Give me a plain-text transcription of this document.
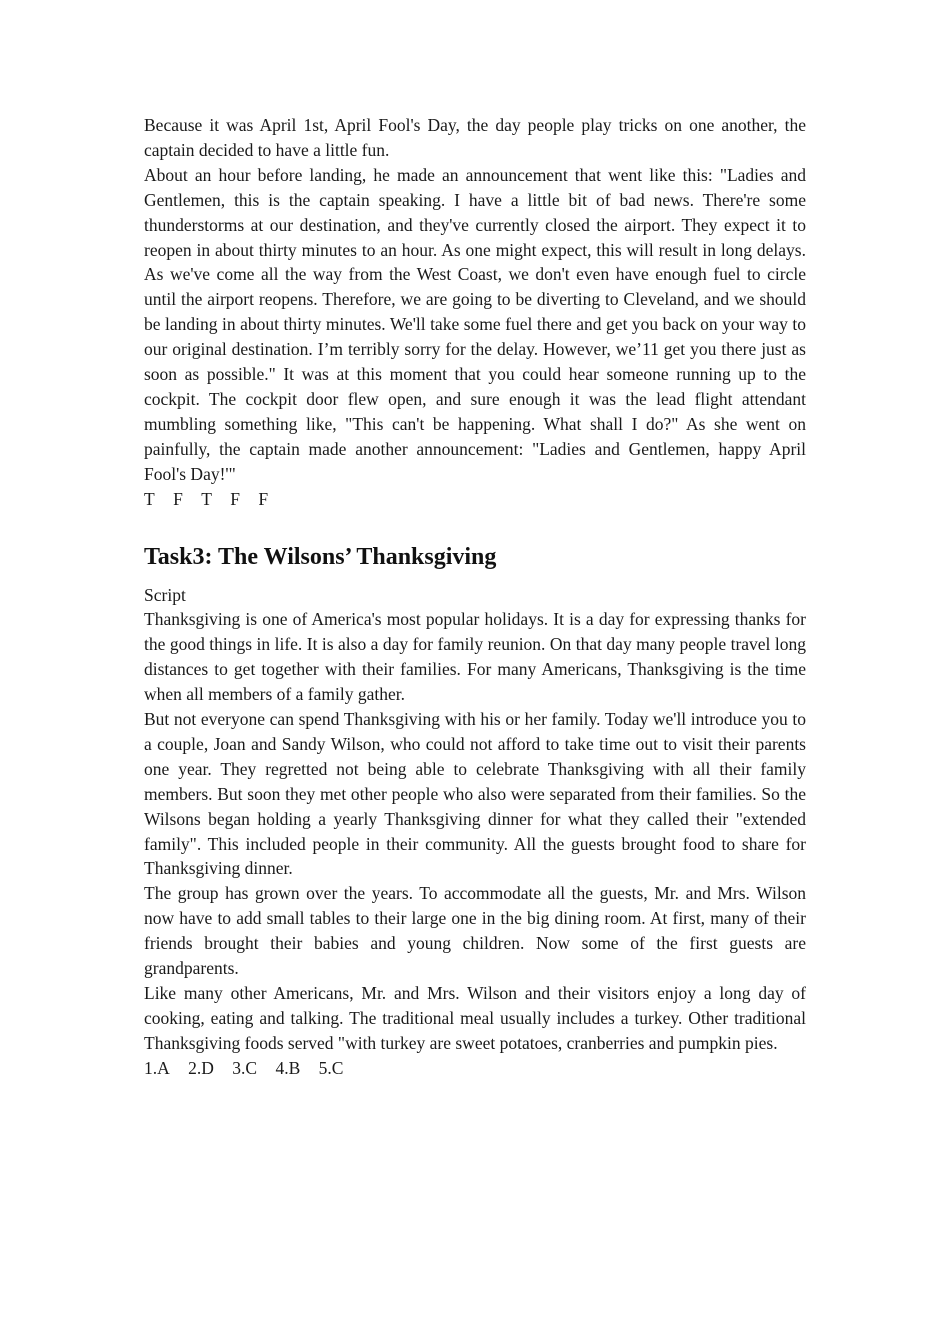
Because it was April 1st, April Fool's Day, the day people play tricks on one another, the captain decided to have a little fun.

About an hour before landing, he made an announcement that went like this: "Ladies and Gentlemen, this is the captain speaking. I have a little bit of bad news. There're some thunderstorms at our destination, and they've currently closed the airport. They expect it to reopen in about thirty minutes to an hour. As one might expect, this will result in long delays. As we've come all the way from the West Coast, we don't even have enough fuel to circle until the airport reopens. Therefore, we are going to be diverting to Cleveland, and we should be landing in about thirty minutes. We'll take some fuel there and get you back on your way to our original destination. I’m terribly sorry for the delay. However, we’11 get you there just as soon as possible." It was at this moment that you could hear someone running up to the cockpit. The cockpit door flew open, and sure enough it was the lead flight attendant mumbling something like, "This can't be happening. What shall I do?" As she went on painfully, the captain made another announcement: "Ladies and Gentlemen, happy April Fool's Day!'"

T F T F F
Task3: The Wilsons’ Thanksgiving

Script

Thanksgiving is one of America's most popular holidays. It is a day for expressing thanks for the good things in life. It is also a day for family reunion. On that day many people travel long distances to get together with their families. For many Americans, Thanksgiving is the time when all members of a family gather.

But not everyone can spend Thanksgiving with his or her family. Today we'll introduce you to a couple, Joan and Sandy Wilson, who could not afford to take time out to visit their parents one year. They regretted not being able to celebrate Thanksgiving with all their family members. But soon they met other people who also were separated from their families. So the Wilsons began holding a yearly Thanksgiving dinner for what they called their "extended family". This included people in their community. All the guests brought food to share for Thanksgiving dinner.

The group has grown over the years. To accommodate all the guests, Mr. and Mrs. Wilson now have to add small tables to their large one in the big dining room. At first, many of their friends brought their babies and young children. Now some of the first guests are grandparents.

Like many other Americans, Mr. and Mrs. Wilson and their visitors enjoy a long day of cooking, eating and talking. The traditional meal usually includes a turkey. Other traditional Thanksgiving foods served "with turkey are sweet potatoes, cranberries and pumpkin pies.

1.A 2.D 3.C 4.B 5.C
